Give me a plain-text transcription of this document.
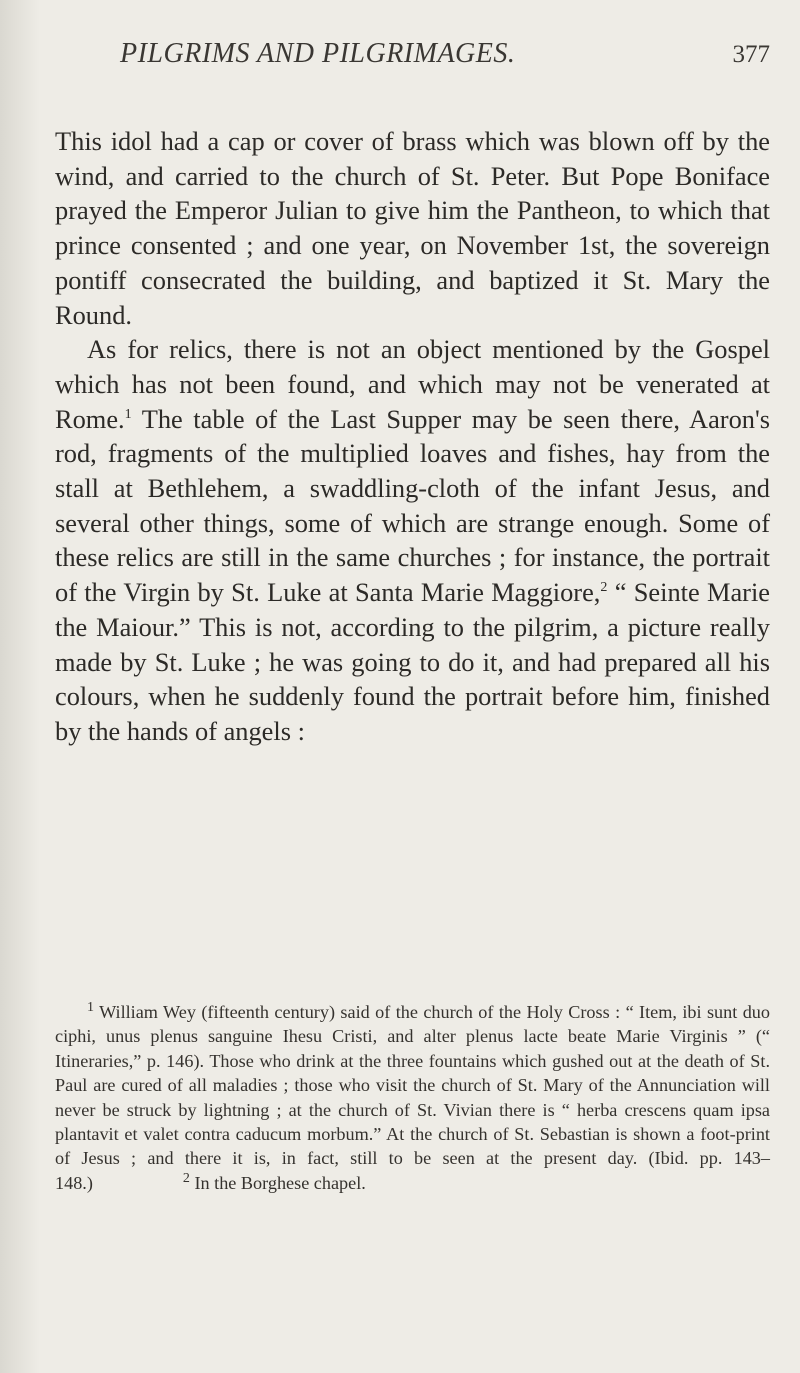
PILGRIMS AND PILGRIMAGES.	377

This idol had a cap or cover of brass which was blown off by the wind, and carried to the church of St. Peter. But Pope Boniface prayed the Emperor Julian to give him the Pantheon, to which that prince consented ; and one year, on November 1st, the sovereign pontiff consecrated the building, and baptized it St. Mary the Round.

As for relics, there is not an object mentioned by the Gospel which has not been found, and which may not be venerated at Rome.$^1$ The table of the Last Supper may be seen there, Aaron's rod, fragments of the multiplied loaves and fishes, hay from the stall at Bethlehem, a swaddling-cloth of the infant Jesus, and several other things, some of which are strange enough. Some of these relics are still in the same churches ; for instance, the portrait of the Virgin by St. Luke at Santa Marie Maggiore,$^2$ “ Seinte Marie the Maiour.” This is not, according to the pilgrim, a picture really made by St. Luke ; he was going to do it, and had prepared all his colours, when he suddenly found the portrait before him, finished by the hands of angels :

$^1$ William Wey (fifteenth century) said of the church of the Holy Cross : “ Item, ibi sunt duo ciphi, unus plenus sanguine Ihesu Cristi, and alter plenus lacte beate Marie Virginis ” (“ Itineraries,” p. 146). Those who drink at the three fountains which gushed out at the death of St. Paul are cured of all maladies ; those who visit the church of St. Mary of the Annunciation will never be struck by lightning ; at the church of St. Vivian there is “ herba crescens quam ipsa plantavit et valet contra caducum morbum.” At the church of St. Sebastian is shown a foot-print of Jesus ; and there it is, in fact, still to be seen at the present day. (Ibid. pp. 143–148.)	$^2$ In the Borghese chapel.
